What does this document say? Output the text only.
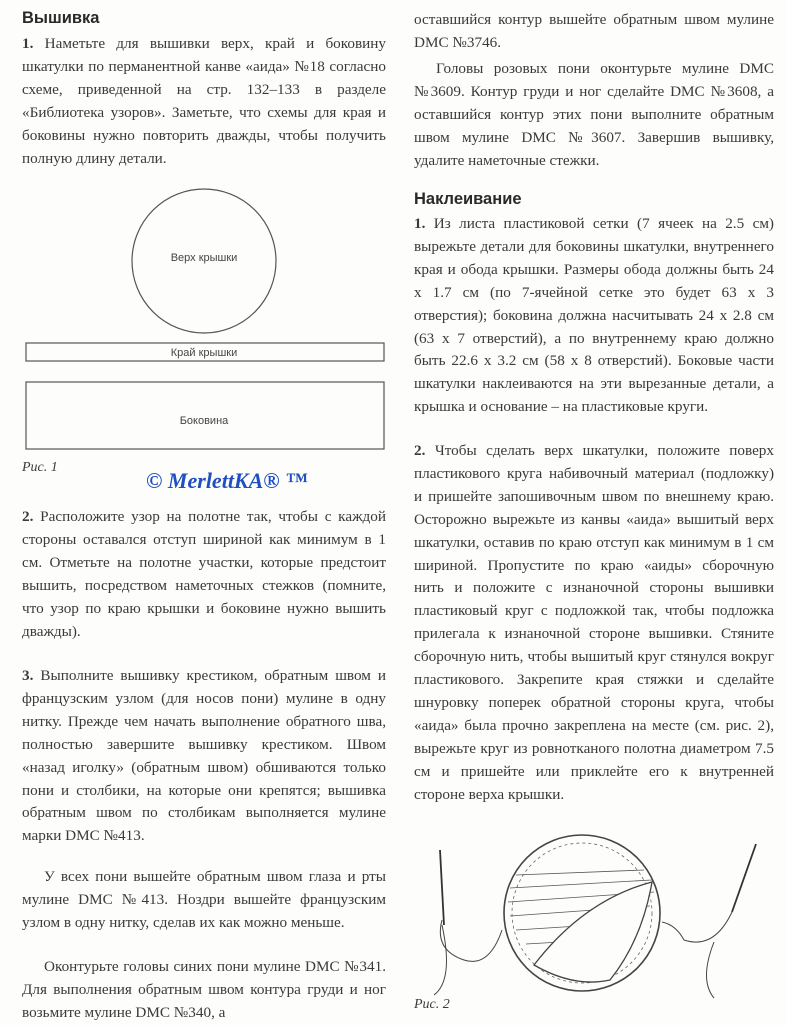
Вышивка

1. Наметьте для вышивки верх, край и боковину шкатулки по перманентной канве «аида» №18 согласно схеме, приведенной на стр. 132–133 в разделе «Библиотека узоров». Заметьте, что схемы для края и боковины нужно повторить дважды, чтобы получить полную длину детали.

Верх крышки
Край крышки
Боковина
Рис. 1

2. Расположите узор на полотне так, чтобы с каждой стороны оставался отступ шириной как минимум в 1 см. Отметьте на полотне участки, которые предстоит вышить, посредством наметочных стежков (помните, что узор по краю крышки и боковине нужно вышить дважды).

3. Выполните вышивку крестиком, обратным швом и французским узлом (для носов пони) мулине в одну нитку. Прежде чем начать выполнение обратного шва, полностью завершите вышивку крестиком. Швом «назад иголку» (обратным швом) обшиваются только пони и столбики, на которые они крепятся; вышивка обратным швом по столбикам выполняется мулине марки DMC №413.

У всех пони вышейте обратным швом глаза и рты мулине DMC №413. Ноздри вышейте французским узлом в одну нитку, сделав их как можно меньше.

Оконтурьте головы синих пони мулине DMC №341. Для выполнения обратным швом контура груди и ног возьмите мулине DMC №340, а

© MerlettKA® ™

оставшийся контур вышейте обратным швом мулине DMC №3746.

Головы розовых пони оконтурьте мулине DMC №3609. Контур груди и ног сделайте DMC №3608, а оставшийся контур этих пони выполните обратным швом мулине DMC №3607. Завершив вышивку, удалите наметочные стежки.

Наклеивание

1. Из листа пластиковой сетки (7 ячеек на 2.5 см) вырежьте детали для боковины шкатулки, внутреннего края и обода крышки. Размеры обода должны быть 24 х 1.7 см (по 7-ячейной сетке это будет 63 х 3 отверстия); боковина должна насчитывать 24 х 2.8 см (63 х 7 отверстий), а по внутреннему краю должно быть 22.6 х 3.2 см (58 х 8 отверстий). Боковые части шкатулки наклеиваются на эти вырезанные детали, а крышка и основание – на пластиковые круги.

2. Чтобы сделать верх шкатулки, положите поверх пластикового круга набивочный материал (подложку) и пришейте запошивочным швом по внешнему краю. Осторожно вырежьте из канвы «аида» вышитый верх шкатулки, оставив по краю отступ как минимум в 1 см шириной. Пропустите по краю «аиды» сборочную нить и положите с изнаночной стороны вышивки пластиковый круг с подложкой так, чтобы подложка прилегала к изнаночной стороне вышивки. Стяните сборочную нить, чтобы вышитый круг стянулся вокруг пластикового. Закрепите края стяжки и сделайте шнуровку поперек обратной стороны круга, чтобы «аида» была прочно закреплена на месте (см. рис. 2), вырежьте круг из ровнотканого полотна диаметром 7.5 см и пришейте или приклейте его к внутренней стороне верха крышки.

Рис. 2
